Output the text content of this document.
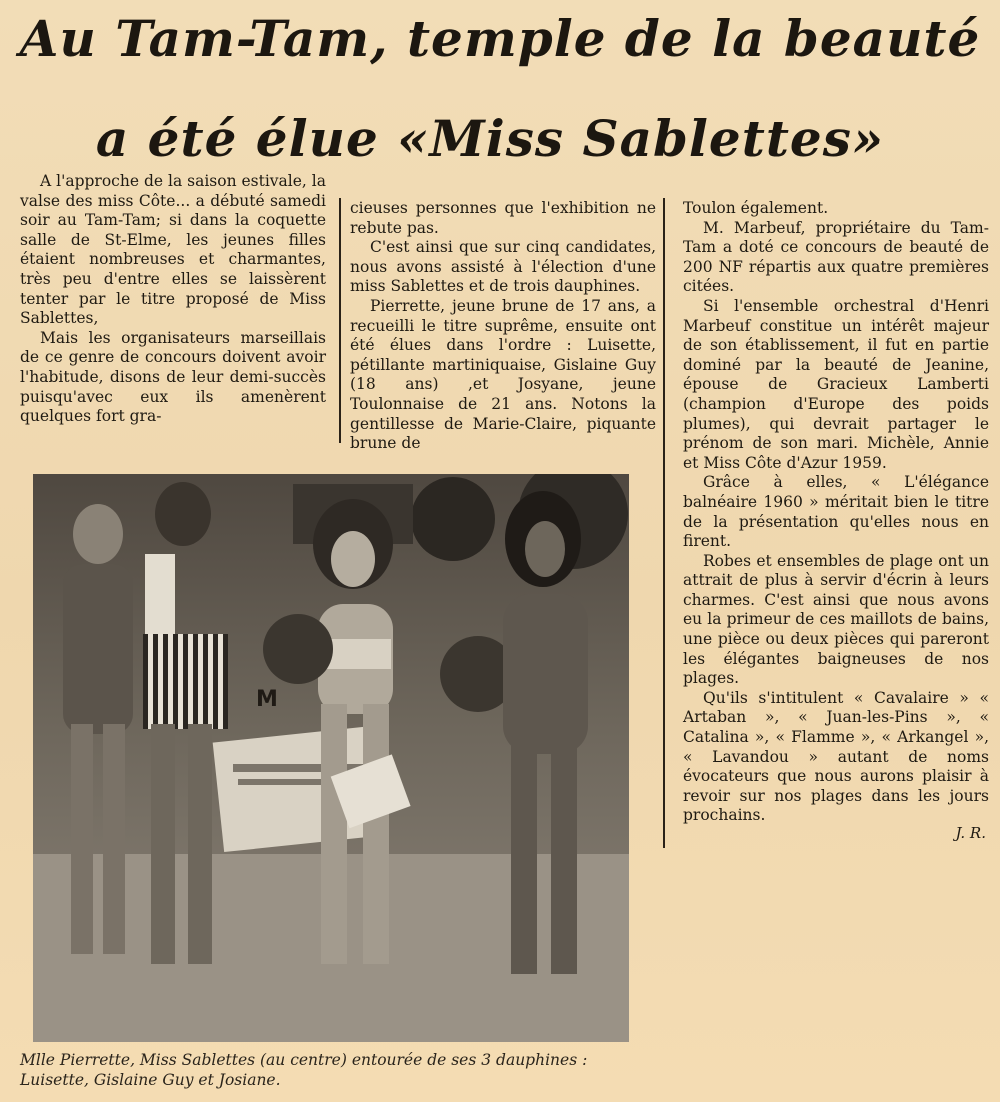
Au Tam-Tam, temple de la beauté
a été élue «Miss Sablettes»

A l'approche de la saison estivale, la valse des miss Côte... a débuté samedi soir au Tam-Tam; si dans la coquette salle de St-Elme, les jeunes filles étaient nombreuses et charmantes, très peu d'entre elles se laissèrent tenter par le titre proposé de Miss Sablettes,

Mais les organisateurs marseillais de ce genre de concours doivent avoir l'habitude, disons de leur demi-succès puisqu'avec eux ils amenèrent quelques fort gra-

cieuses personnes que l'exhibition ne rebute pas.

C'est ainsi que sur cinq candidates, nous avons assisté à l'élection d'une miss Sablettes et de trois dauphines.

Pierrette, jeune brune de 17 ans, a recueilli le titre suprême, ensuite ont été élues dans l'ordre : Luisette, pétillante martiniquaise, Gislaine Guy (18 ans) ,et Josyane, jeune Toulonnaise de 21 ans. Notons la gentillesse de Marie-Claire, piquante brune de

Toulon également.

M. Marbeuf, propriétaire du Tam-Tam a doté ce concours de beauté de 200 NF répartis aux quatre premières citées.

Si l'ensemble orchestral d'Henri Marbeuf constitue un intérêt majeur de son établissement, il fut en partie dominé par la beauté de Jeanine, épouse de Gracieux Lamberti (champion d'Europe des poids plumes), qui devrait partager le prénom de son mari. Michèle, Annie et Miss Côte d'Azur 1959.

Grâce à elles, « L'élégance balnéaire 1960 » méritait bien le titre de la présentation qu'elles nous en firent.

Robes et ensembles de plage ont un attrait de plus à servir d'écrin à leurs charmes. C'est ainsi que nous avons eu la primeur de ces maillots de bains, une pièce ou deux pièces qui pareront les élégantes baigneuses de nos plages.

Qu'ils s'intitulent « Cavalaire » « Artaban », « Juan-les-Pins », « Catalina », « Flamme », « Arkangel », « Lavandou » autant de noms évocateurs que nous aurons plaisir à revoir sur nos plages dans les jours prochains.

J. R.
M
Mlle Pierrette, Miss Sablettes (au centre) entourée de ses 3 dauphines : Luisette, Gislaine Guy et Josiane.
